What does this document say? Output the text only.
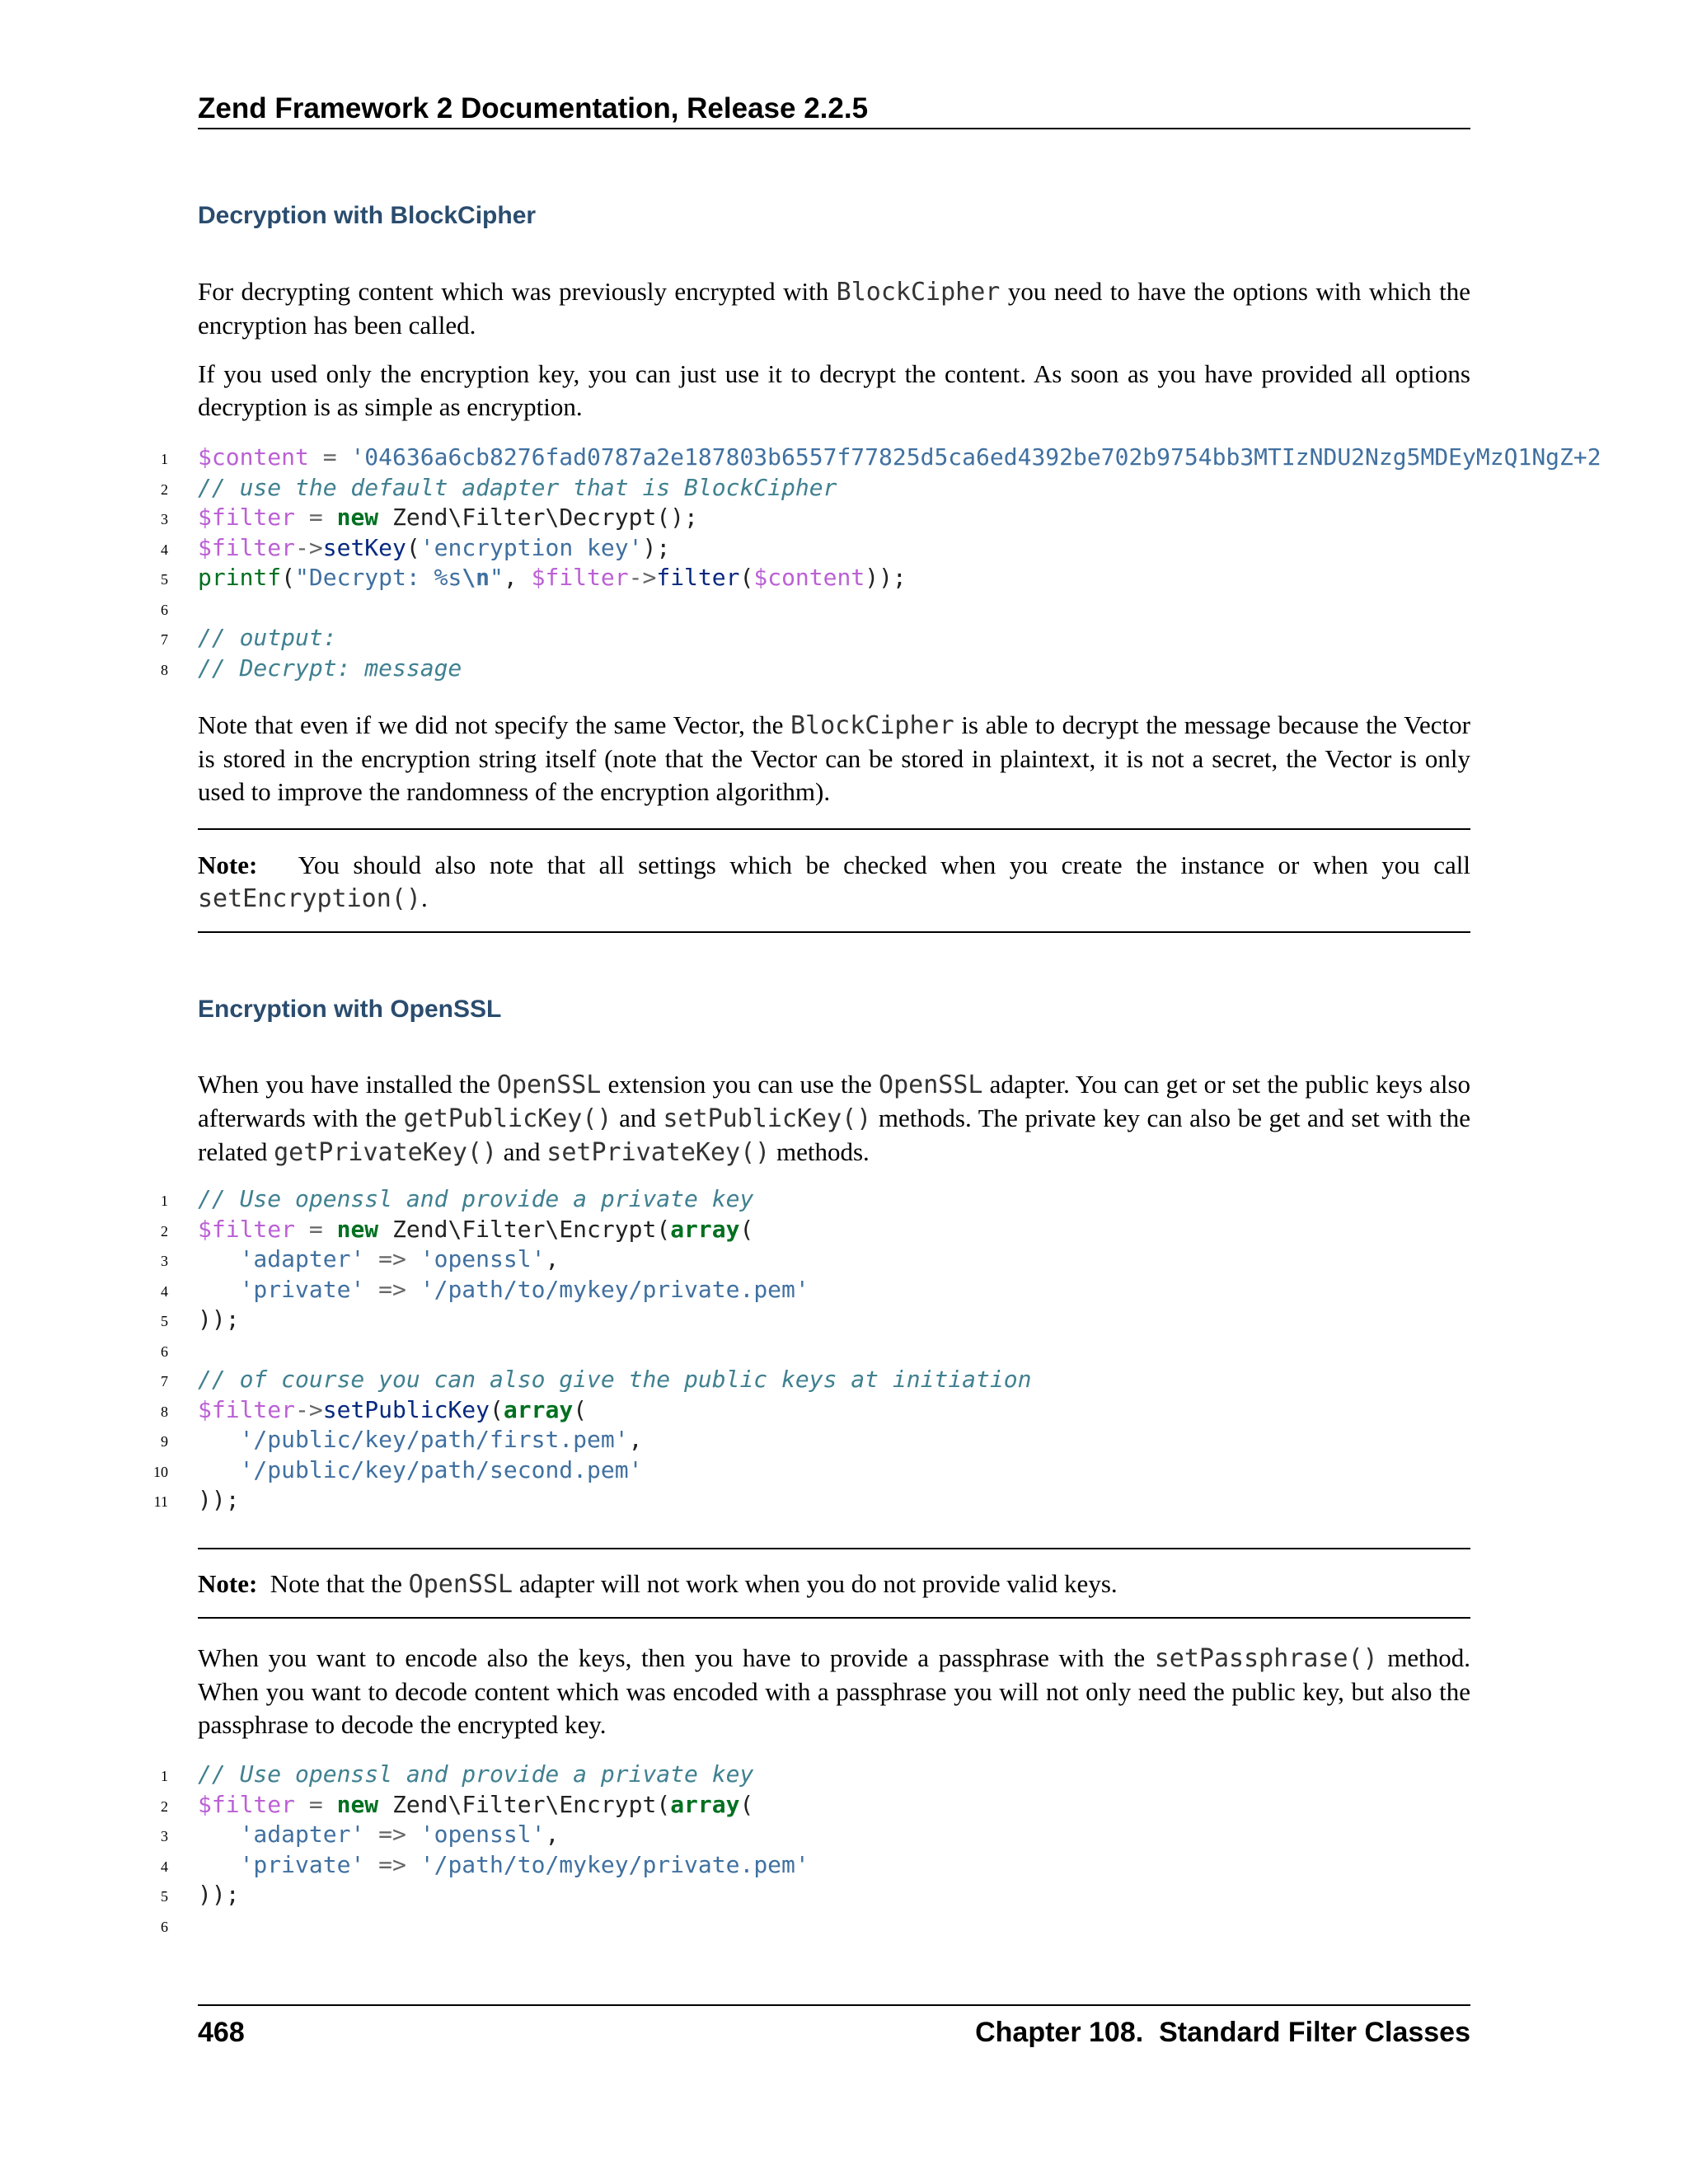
Zend Framework 2 Documentation, Release 2.2.5
Decryption with BlockCipher
For decrypting content which was previously encrypted with BlockCipher you need to have the options with which the encryption has been called.
If you used only the encryption key, you can just use it to decrypt the content. As soon as you have provided all options decryption is as simple as encryption.
1 $content = '04636a6cb8276fad0787a2e187803b6557f77825d5ca6ed4392be702b9754bb3MTIzNDU2Nzg5MDEyMzQ1NgZ+2
2 // use the default adapter that is BlockCipher
3 $filter = new Zend\Filter\Decrypt();
4 $filter->setKey('encryption key');
5 printf("Decrypt: %s\n", $filter->filter($content));
6
7 // output:
8 // Decrypt: message
Note that even if we did not specify the same Vector, the BlockCipher is able to decrypt the message because the Vector is stored in the encryption string itself (note that the Vector can be stored in plaintext, it is not a secret, the Vector is only used to improve the randomness of the encryption algorithm).
Note: You should also note that all settings which be checked when you create the instance or when you call setEncryption().
Encryption with OpenSSL
When you have installed the OpenSSL extension you can use the OpenSSL adapter. You can get or set the public keys also afterwards with the getPublicKey() and setPublicKey() methods. The private key can also be get and set with the related getPrivateKey() and setPrivateKey() methods.
1 // Use openssl and provide a private key
2 $filter = new Zend\Filter\Encrypt(array(
3	'adapter' => 'openssl',
4	'private' => '/path/to/mykey/private.pem'
5 ));
6
7 // of course you can also give the public keys at initiation
8 $filter->setPublicKey(array(
9	'/public/key/path/first.pem',
10	'/public/key/path/second.pem'
11 ));
Note: Note that the OpenSSL adapter will not work when you do not provide valid keys.
When you want to encode also the keys, then you have to provide a passphrase with the setPassphrase() method. When you want to decode content which was encoded with a passphrase you will not only need the public key, but also the passphrase to decode the encrypted key.
1 // Use openssl and provide a private key
2 $filter = new Zend\Filter\Encrypt(array(
3	'adapter' => 'openssl',
4	'private' => '/path/to/mykey/private.pem'
5 ));
6
468	Chapter 108.  Standard Filter Classes
